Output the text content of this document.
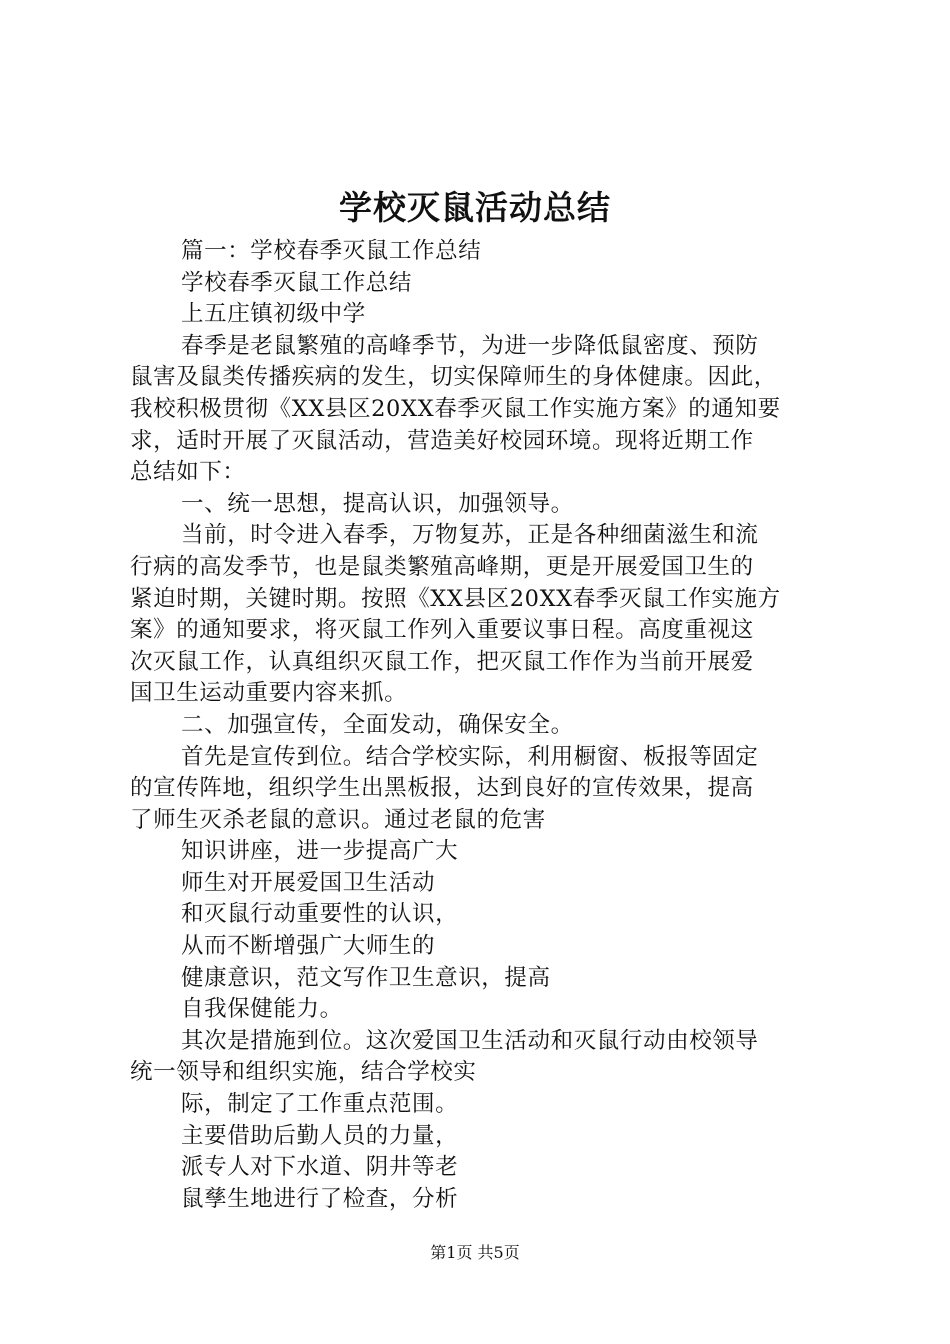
学校灭鼠活动总结
篇一：学校春季灭鼠工作总结
学校春季灭鼠工作总结
上五庄镇初级中学
春季是老鼠繁殖的高峰季节，为进一步降低鼠密度、预防
鼠害及鼠类传播疾病的发生，切实保障师生的身体健康。因此，
我校积极贯彻《XX县区20XX春季灭鼠工作实施方案》的通知要
求，适时开展了灭鼠活动，营造美好校园环境。现将近期工作
总结如下：
一、统一思想，提高认识，加强领导。
当前，时令进入春季，万物复苏，正是各种细菌滋生和流
行病的高发季节，也是鼠类繁殖高峰期，更是开展爱国卫生的
紧迫时期，关键时期。按照《XX县区20XX春季灭鼠工作实施方
案》的通知要求，将灭鼠工作列入重要议事日程。高度重视这
次灭鼠工作，认真组织灭鼠工作，把灭鼠工作作为当前开展爱
国卫生运动重要内容来抓。
二、加强宣传，全面发动，确保安全。
首先是宣传到位。结合学校实际，利用橱窗、板报等固定
的宣传阵地，组织学生出黑板报，达到良好的宣传效果，提高
了师生灭杀老鼠的意识。通过老鼠的危害
知识讲座，进一步提高广大
师生对开展爱国卫生活动
和灭鼠行动重要性的认识，
从而不断增强广大师生的
健康意识，范文写作卫生意识，提高
自我保健能力。
其次是措施到位。这次爱国卫生活动和灭鼠行动由校领导
统一领导和组织实施，结合学校实
际，制定了工作重点范围。
主要借助后勤人员的力量，
派专人对下水道、阴井等老
鼠孳生地进行了检查，分析
第1页 共5页
